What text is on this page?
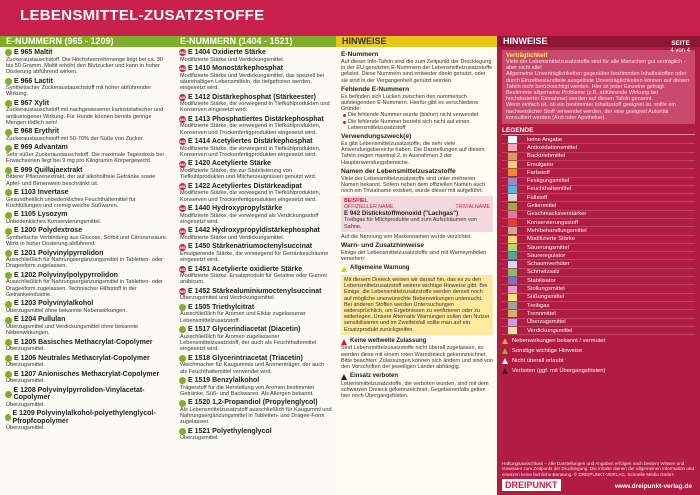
LEBENSMITTEL-ZUSATZSTOFFE
E-NUMMERN (965 - 1209)
E 965 Maltit
Zuckeraustauschstoff. Die Höchstverzehrmenge liegt bei ca. 30 bis 50 Gramm. Maltit erhöht den Blutzucker und kann in hoher Dosierung abführend wirken.
E 966 Lactit
Synthetischer Zuckeraustauschstoff mit hoher abführender Wirkung.
E 967 Xylit
Zuckeraustauschstoff mit nachgewiesener karioststatischer und antikariogener Wirkung. Für Hunde können bereits geringe Mengen tödlich sein!
E 968 Erythrit
Zuckeraustauschstoff mit 50-70% der Süße von Zucker.
E 969 Advantam
Sehr süßer Zuckeraustauschstoff. Die maximale Tagesdosis bei Erwachsenen liegt bei 9 mg pro Kilogramm Körpergewicht.
E 999 Quillajaextrakt
Bitterer Pflanzenextrakt, der auf alkoholfreie Getränke sowie Apfel- und Birnenwein beschränkt ist.
E 1103 Invertase
Gesundheitlich unbedenkliches Feuchthaltemittel für Kochfüllungen und cremig weiche Süßwaren.
E 1105 Lysozym
Unbedenkliches Konservierungsmittel.
E 1200 Polydextrose
Synthetische Verbindung aus Glucose, Sorbit und Citronensäure. Wirkt in hoher Dosierung abführend.
E 1201 Polyvinylpyrrolidon
Ausschließlich für Nahrungsergänzungsmittel in Tabletten- oder Drageeform zugelassen.
E 1202 Polyvinylpolypyrrolidon
Ausschließlich für Nahrungsergänzungsmittel in Tabletten- oder Drageeform zugelassen. Technischer Hilfsstoff in der Getränkeindustrie.
E 1203 Polyvinylalkohol
Überzugsmittel ohne bekannte Nebenwirkungen.
E 1204 Pullulan
Überzugsmittel und Verdickungsmittel ohne bekannte Nebenwirkungen.
E 1205 Basisches Methacrylat-Copolymer
Überzugsmittel.
E 1206 Neutrales Methacrylat-Copolymer
Überzugsmittel.
E 1207 Anionisches Methacrylat-Copolymer
Überzugsmittel.
E 1208 Polyvinylpyrrolidon-Vinylacetat-Copolymer
Überzugsmittel.
E 1209 Polyvinylalkohol-polyethylenglycol-Pfropfcopolymer
Überzugsmittel.
E-NUMMERN (1404 - 1521)
MS E 1404 Oxidierte Stärke
Modifizierte Stärke und Verdickungsmittel.
MS E 1410 Monostärkephosphat
Modifizierte Stärke und Verdickungsmittel, das speziell bei säurehaltigen Lebensmitteln, die tiefgefroren werden, eingesetzt wird.
MS E 1412 Distärkephosphat (Stärkeester)
Modifizierte Stärke, die vorwiegend in Tiefkühlprodukten und Konserven eingesetzt wird.
MS E 1413 Phosphatiertes Distärkephosphat
Modifizierte Stärke, die vorwiegend in Tiefkühlprodukten, Konserven und Trockenfertigprodukten eingesetzt wird.
MS E 1414 Acetyliertes Distärkephosphat
Modifizierte Stärke, die vorwiegend in Tiefkühlprodukten, Konserven und Trockenfertigprodukten eingesetzt wird.
MS E 1420 Acetylierte Stärke
Modifizierte Stärke, die zur Stabilisierung von Tiefkühlprodukten und Milcherzeugnissen genutzt wird.
MS E 1422 Acetyliertes Distärkeadipat
Modifizierte Stärke, die vorwiegend in Tiefkühlprodukten, Konserven und Trockenfertigprodukten eingesetzt wird.
MS E 1440 Hydroxypropylstärke
Modifizierte Stärke, die vorwiegend als Verdickungsstoff eingesetzt wird.
MS E 1442 Hydroxypropyldistärkephosphat
Modifizierte Stärke und Verdickungsmittel.
MS E 1450 Stärkenatriumoctenylsuccinat
Emulgierende Stärke, die vorwiegend für Getränkeschäume eingesetzt wird.
MS E 1451 Acetylierte oxidierte Stärke
Modifizierte Stärke. Ersatzprodukt für Gelatine oder Gummi arabicum.
MS E 1452 Stärkealuminiumoctenylsuccinat
Überzugsmittel und Verdickungsmittel.
E 1505 Triethylcitrat
Ausschließlich für Aromen und Eiklar zugelassener Lebensmittelzusatzstoff.
E 1517 Glycerindiacetat (Diacetin)
Ausschließlich für Aromen zugelassener Lebensmittelzusatzstoff, der auch als Feuchthaltemittel eingesetzt wird.
E 1518 Glycerintriacetat (Triacetin)
Weichmacher für Kaugummis und Aromenträger, der auch als Feuchthaltemittel verwendet wird.
E 1519 Benzylalkohol
Trägerstoff für die Herstellung von Aromen bestimmter Getränke, Süß- und Backwaren. Als Allergen bekannt.
E 1520 1,2-Propandiol (Propylenglycol)
Als Lebensmittelzusatzstoff ausschließlich für Kaugummi und Nahrungsergänzungsmittel in Tabletten- und Dragee-Form zugelassen.
E 1521 Polyethylenglycol
Überzugsmittel.
HINWEISE
E-Nummern
Auf dieser Info-Tafeln sind die zum Zeitpunkt der Drucklegung in der EU genutzten E-Nummern der Lebensmittelzusatzstoffe gelistet. Diese Nummern sind entweder direkt genutzt, oder sie sind in der Vergangenheit genutzt worden.
Fehlende E-Nummern
Es befinden sich Lücken zwischen den nummerisch aufsteigenden E-Nummern. Hierfür gibt es verschiedene Gründe:
Die fehlende Nummer wurde (bisher) nicht verwendet
Die fehlende Nummer bezieht sich nicht auf einen Lebensmittelzusatzstoff
Verwendungszweck(e)
Es gibt Lebensmittelzusatzstoffe, die sehr viele Anwendungsbereiche haben. Die Darstellungen auf diesen Tafeln zeigen maximal 2, in Ausnahmen 3 der Hauptanwendungsbereiche.
Namen der Lebensmittelzusatzstoffe
Viele der Lebensmittelzusatzstoffe sind unter mehreren Namen bekannt. Sofern neben dem offiziellen Namen auch noch ein Trivialname existiert, wurde dieser mit aufgeführt.
BEISPIEL
OFFIZIELLER NAME	TRIVIALNAME
E 942 Distickstoffmonoxid ("Lachgas")
Treibgas für Milchprodukte und zum Aufschäumen von Sahne.
Auf die Nennung von Markennamen wurde verzichtet.
Warn- und Zusatzhinweise
Einige der Lebensmittelzusatzstoffe sind mit Warnsymbolen versehen:
Allgemeine Warnung
Mit diesem Dreieck weisen wir darauf hin, das es zu den Lebensmittelzusatzstoff weitere wichtige Hinweise gibt. Bei Einige, die Lebensmittelzusatzstoffe werden derzeit noch auf mögliche unerwünschte Nebenwirkungen untersucht. Bei anderen Stoffen werden Untersuchungen widersprüchlich, um Ergebnissen zu verifizieren oder zu widerlegen. Unsere Alternativ Warnungen sollen den Nutzer sensibilisieren und im Zweifelsfall sollte man auf ein Ersatzprodukt zurückgreifen.
Keine weltweite Zulassung
Sind Lebensmittelzusatzstoffe nicht überall zugelassen, so werden diese mit einem roten Warndreieck gekennzeichnet. Bitte beachten: Zulassungen können sich ändern und sind von den Vorschriften der jeweiligen Länder abhängig.
Einsatz verboten
Lebensmittelzusatzstoffe, die verboten wurden, sind mit dem schwarzen Dreieck gekennzeichnet. Gegebenenfalls gelten hier noch Übergangsfristen.
SEITE
4 von 4
HINWEISE
Verträglichkeit
Viele der Lebensmittelzusatzstoffe sind für alle Menschen gut verträglich - aber nicht alle!
Allgemeine Unverträglichkeiten gegenüber bestimmten Inhaltsstoffen oder durch Einzelbestandteile ausgelöste Unverträglichkeiten können auf diesen Tafeln nicht berücksichtigt werden. Hier ist jeder Einzelne gefragt.
Bestimmte allgemeine Probleme (z.B. abführende Wirkung bei hochdosierter Einnahme) werden auf diesen Tafeln genannt.
Wenn einfach ist, ob ein bestimmter Inhaltsstoff geeignet ist, sollte ein nachweislicher Stoff verwendet werden, der eine geeignet Autorität konsultiert werden (Arzt oder Apotheker).
LEGENDE
keine Angabe
Antioxidationsmittel
Backtriebmittel
Emulgator
Farbstoff
Festigungsmittel
Feuchthaltemittel
Füllstoff
Geliermittel
Geschmacksverstärker
Konservierungsstoff
Mehlbehandlungsmittel
Modifizierte Stärke
Säuerungsmittel
Säureregulator
Schaumverhüter
Schmelzsalz
Stabilisator
Stollungsmittel
Süßungsmittel
Treibgas
Trennmittel
Überzugsmittel
Verdickungsmittel
Nebenwirkungen bekannt / vermutet
Sonstige wichtige Hinweise
Nicht überall erlaubt
Verboten (ggf. mit Übergangsfristen)
Haftungsausschluss – Alle Darstellungen und Angaben erfolgen nach bestem Wissen und Gewissen zum Zeitpunkt der Drucklegung. Die Inhalte dienen der allgemeinen Information und ersetzen keine fachliche Beratung. © DREIPUNKT-VERLAG, Schnelle Media GmbH.
DREIPUNKT	www.dreipunkt-verlag.de
